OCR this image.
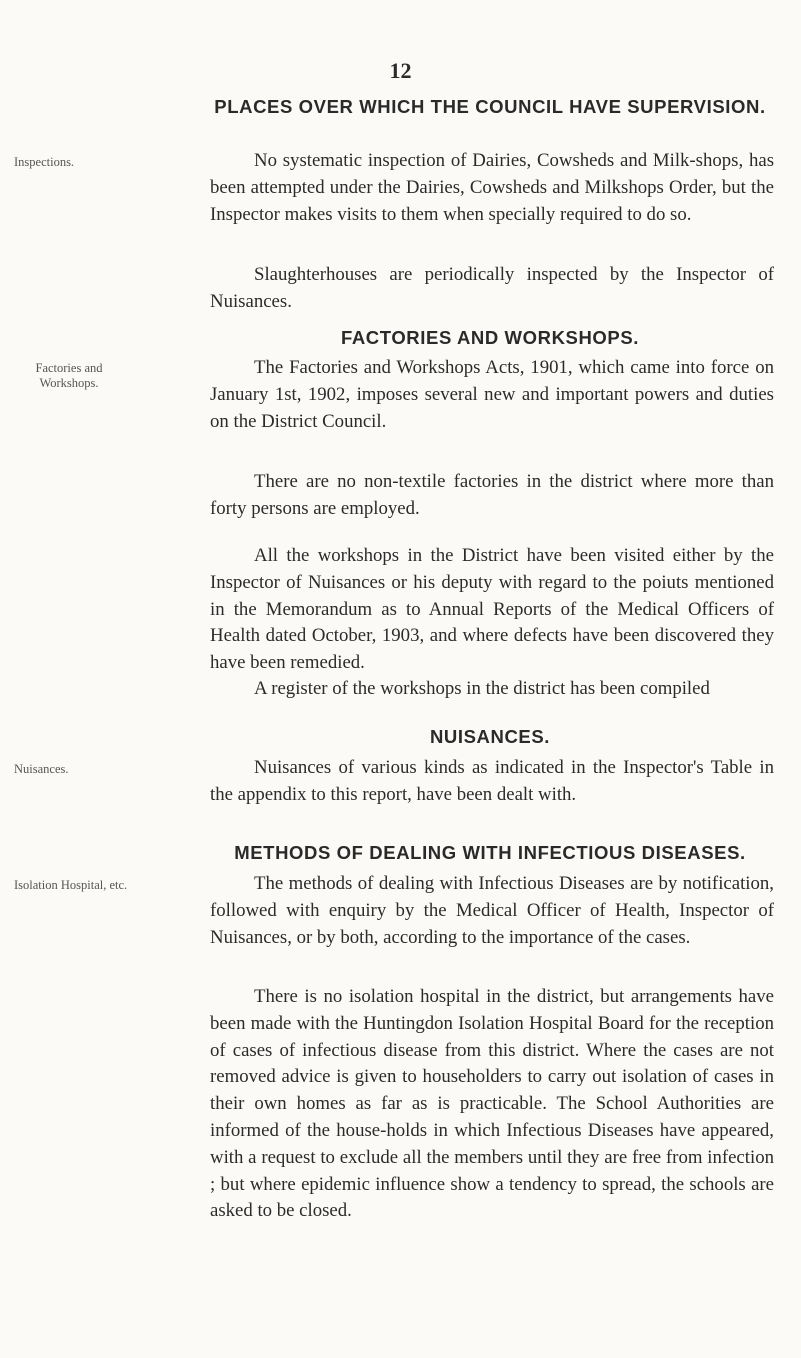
12
PLACES OVER WHICH THE COUNCIL HAVE SUPERVISION.
Inspections.	No systematic inspection of Dairies, Cowsheds and Milk-shops, has been attempted under the Dairies, Cowsheds and Milkshops Order, but the Inspector makes visits to them when specially required to do so.

Slaughterhouses are periodically inspected by the Inspector of Nuisances.

FACTORIES AND WORKSHOPS.
Factories and Workshops.

The Factories and Workshops Acts, 1901, which came into force on January 1st, 1902, imposes several new and important powers and duties on the District Council.

There are no non-textile factories in the district where more than forty persons are employed.

All the workshops in the District have been visited either by the Inspector of Nuisances or his deputy with regard to the poiuts mentioned in the Memorandum as to Annual Reports of the Medical Officers of Health dated October, 1903, and where defects have been discovered they have been remedied.

A register of the workshops in the district has been compiled

NUISANCES.
Nuisances.	Nuisances of various kinds as indicated in the Inspector's Table in the appendix to this report, have been dealt with.

METHODS OF DEALING WITH INFECTIOUS DISEASES.
Isolation Hospital, etc.	The methods of dealing with Infectious Diseases are by notification, followed with enquiry by the Medical Officer of Health, Inspector of Nuisances, or by both, according to the importance of the cases.

There is no isolation hospital in the district, but arrangements have been made with the Huntingdon Isolation Hospital Board for the reception of cases of infectious disease from this district. Where the cases are not removed advice is given to householders to carry out isolation of cases in their own homes as far as is practicable. The School Authorities are informed of the house-holds in which Infectious Diseases have appeared, with a request to exclude all the members until they are free from infection ; but where epidemic influence show a tendency to spread, the schools are asked to be closed.
